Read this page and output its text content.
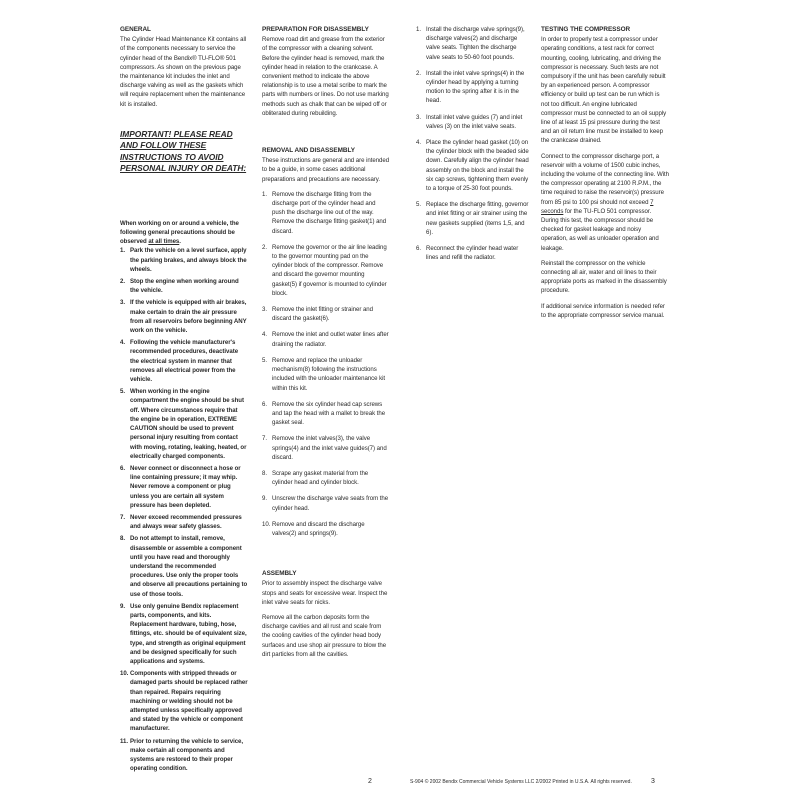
GENERAL

The Cylinder Head Maintenance Kit contains all of the components necessary to service the cylinder head of the Bendix® TU-FLO® 501 compressors. As shown on the previous page the maintenance kit includes the inlet and discharge valving as well as the gaskets which will require replacement when the maintenance kit is installed.

IMPORTANT! PLEASE READ AND FOLLOW THESE INSTRUCTIONS TO AVOID PERSONAL INJURY OR DEATH:

When working on or around a vehicle, the following general precautions should be observed at all times.

1. Park the vehicle on a level surface, apply the parking brakes, and always block the wheels.
2. Stop the engine when working around the vehicle.
3. If the vehicle is equipped with air brakes, make certain to drain the air pressure from all reservoirs before beginning ANY work on the vehicle.
4. Following the vehicle manufacturer's recommended procedures, deactivate the electrical system in manner that removes all electrical power from the vehicle.
5. When working in the engine compartment the engine should be shut off. Where circumstances require that the engine be in operation, EXTREME CAUTION should be used to prevent personal injury resulting from contact with moving, rotating, leaking, heated, or electrically charged components.
6. Never connect or disconnect a hose or line containing pressure; it may whip. Never remove a component or plug unless you are certain all system pressure has been depleted.
7. Never exceed recommended pressures and always wear safety glasses.
8. Do not attempt to install, remove, disassemble or assemble a component until you have read and thoroughly understand the recommended procedures. Use only the proper tools and observe all precautions pertaining to use of those tools.
9. Use only genuine Bendix replacement parts, components, and kits. Replacement hardware, tubing, hose, fittings, etc. should be of equivalent size, type, and strength as original equipment and be designed specifically for such applications and systems.
10. Components with stripped threads or damaged parts should be replaced rather than repaired. Repairs requiring machining or welding should not be attempted unless specifically approved and stated by the vehicle or component manufacturer.
11. Prior to returning the vehicle to service, make certain all components and systems are restored to their proper operating condition.
PREPARATION FOR DISASSEMBLY

Remove road dirt and grease from the exterior of the compressor with a cleaning solvent. Before the cylinder head is removed, mark the cylinder head in relation to the crankcase. A convenient method to indicate the above relationship is to use a metal scribe to mark the parts with numbers or lines. Do not use marking methods such as chalk that can be wiped off or obliterated during rebuilding.

REMOVAL AND DISASSEMBLY

These instructions are general and are intended to be a guide, in some cases additional preparations and precautions are necessary.

1. Remove the discharge fitting from the discharge port of the cylinder head and push the discharge line out of the way. Remove the discharge fitting gasket(1) and discard.
2. Remove the governor or the air line leading to the governor mounting pad on the cylinder block of the compressor. Remove and discard the governor mounting gasket(5) if governor is mounted to cylinder block.
3. Remove the inlet fitting or strainer and discard the gasket(6).
4. Remove the inlet and outlet water lines after draining the radiator.
5. Remove and replace the unloader mechanism(8) following the instructions included with the unloader maintenance kit within this kit.
6. Remove the six cylinder head cap screws and tap the head with a mallet to break the gasket seal.
7. Remove the inlet valves(3), the valve springs(4) and the inlet valve guides(7) and discard.
8. Scrape any gasket material from the cylinder head and cylinder block.
9. Unscrew the discharge valve seats from the cylinder head.
10. Remove and discard the discharge valves(2) and springs(9).
ASSEMBLY

Prior to assembly inspect the discharge valve stops and seats for excessive wear. Inspect the inlet valve seats for nicks.

Remove all the carbon deposits form the discharge cavities and all rust and scale from the cooling cavities of the cylinder head body surfaces and use shop air pressure to blow the dirt particles from all the cavities.

1. Install the discharge valve springs(9), discharge valves(2) and discharge valve seats. Tighten the discharge valve seats to 50-60 foot pounds.
2. Install the inlet valve springs(4) in the cylinder head by applying a turning motion to the spring after it is in the head.
3. Install inlet valve guides (7) and inlet valves (3) on the inlet valve seats.
4. Place the cylinder head gasket (10) on the cylinder block with the beaded side down. Carefully align the cylinder head assembly on the block and install the six cap screws, tightening them evenly to a torque of 25-30 foot pounds.
5. Replace the discharge fitting, governor and inlet fitting or air strainer using the new gaskets supplied (items 1,5, and 6).
6. Reconnect the cylinder head water lines and refill the radiator.
TESTING THE COMPRESSOR

In order to properly test a compressor under operating conditions, a test rack for correct mounting, cooling, lubricating, and driving the compressor is necessary. Such tests are not compulsory if the unit has been carefully rebuilt by an experienced person. A compressor efficiency or build up test can be run which is not too difficult. An engine lubricated compressor must be connected to an oil supply line of at least 15 psi pressure during the test and an oil return line must be installed to keep the crankcase drained.

Connect to the compressor discharge port, a reservoir with a volume of 1500 cubic inches, including the volume of the connecting line. With the compressor operating at 2100 R.P.M., the time required to raise the reservoir(s) pressure from 85 psi to 100 psi should not exceed 7 seconds for the TU-FLO 501 compressor. During this test, the compressor should be checked for gasket leakage and noisy operation, as well as unloader operation and leakage.

Reinstall the compressor on the vehicle connecting all air, water and oil lines to their appropriate ports as marked in the disassembly procedure.

If additional service information is needed refer to the appropriate compressor service manual.

2	S-904 © 2002 Bendix Commercial Vehicle Systems LLC 2/2002 Printed in U.S.A. All rights reserved.	3
